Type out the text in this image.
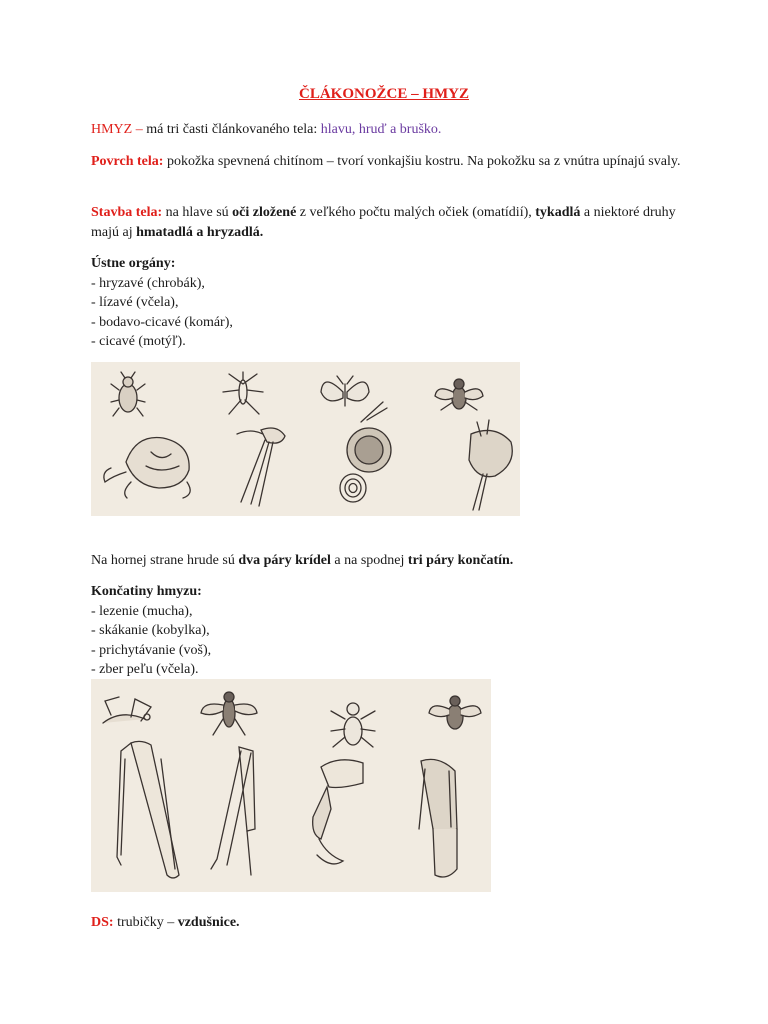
ČLÁKONOŽCE – HMYZ
HMYZ – má tri časti článkovaného tela: hlavu, hruď a bruško.
Povrch tela: pokožka spevnená chitínom – tvorí vonkajšiu kostru. Na pokožku sa z vnútra upínajú svaly.
Stavba tela: na hlave sú oči zložené z veľkého počtu malých očiek (omatídií), tykadlá a niektoré druhy majú aj hmatadlá a hryzadlá.
Ústne orgány:
- hryzavé (chrobák),
- lízavé (včela),
- bodavo-cicavé (komár),
- cicavé (motýľ).
Na hornej strane hrude sú dva páry krídel a na spodnej tri páry končatín.
Končatiny hmyzu:
- lezenie (mucha),
- skákanie (kobylka),
- prichytávanie (voš),
- zber peľu (včela).
DS: trubičky – vzdušnice.
